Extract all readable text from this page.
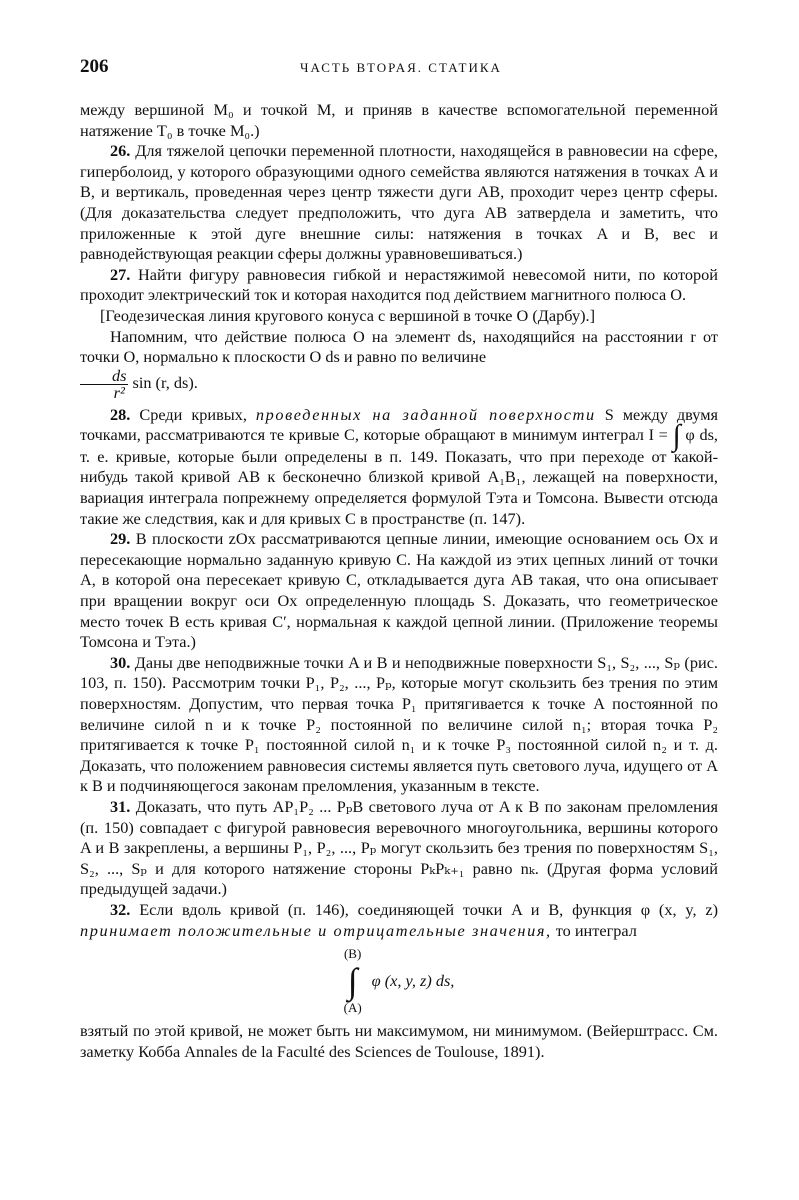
206	ЧАСТЬ ВТОРАЯ. СТАТИКА

между вершиной M₀ и точкой M, и приняв в качестве вспомогательной переменной натяжение T₀ в точке M₀.)

26. Для тяжелой цепочки переменной плотности, находящейся в равновесии на сфере, гиперболоид, у которого образующими одного семейства являются натяжения в точках A и B, и вертикаль, проведенная через центр тяжести дуги AB, проходит через центр сферы. (Для доказательства следует предположить, что дуга AB затвердела и заметить, что приложенные к этой дуге внешние силы: натяжения в точках A и B, вес и равнодействующая реакции сферы должны уравновешиваться.)

27. Найти фигуру равновесия гибкой и нерастяжимой невесомой нити, по которой проходит электрический ток и которая находится под действием магнитного полюса O.

[Геодезическая линия кругового конуса с вершиной в точке O (Дарбу).]

Напомним, что действие полюса O на элемент ds, находящийся на расстоянии r от точки O, нормально к плоскости O ds и равно по величине

$\frac{ds}{\text{r²}}$ sin (r, ds).

28. Среди кривых, проведенных на заданной поверхности S между двумя точками, рассматриваются те кривые C, которые обращают в минимум интеграл I = ∫ φ ds, т. е. кривые, которые были определены в п. 149. Показать, что при переходе от какой-нибудь такой кривой AB к бесконечно близкой кривой A₁B₁, лежащей на поверхности, вариация интеграла попрежнему определяется формулой Тэта и Томсона. Вывести отсюда такие же следствия, как и для кривых C в пространстве (п. 147).

29. В плоскости zOx рассматриваются цепные линии, имеющие основанием ось Ox и пересекающие нормально заданную кривую C. На каждой из этих цепных линий от точки A, в которой она пересекает кривую C, откладывается дуга AB такая, что она описывает при вращении вокруг оси Ox определенную площадь S. Доказать, что геометрическое место точек B есть кривая C′, нормальная к каждой цепной линии. (Приложение теоремы Томсона и Тэта.)

30. Даны две неподвижные точки A и B и неподвижные поверхности S₁, S₂, ..., Sₚ (рис. 103, п. 150). Рассмотрим точки P₁, P₂, ..., Pₚ, которые могут скользить без трения по этим поверхностям. Допустим, что первая точка P₁ притягивается к точке A постоянной по величине силой n и к точке P₂ постоянной по величине силой n₁; вторая точка P₂ притягивается к точке P₁ постоянной силой n₁ и к точке P₃ постоянной силой n₂ и т. д. Доказать, что положением равновесия системы является путь светового луча, идущего от A к B и подчиняющегося законам преломления, указанным в тексте.

31. Доказать, что путь AP₁P₂ ... PₚB светового луча от A к B по законам преломления (п. 150) совпадает с фигурой равновесия веревочного многоугольника, вершины которого A и B закреплены, а вершины P₁, P₂, ..., Pₚ могут скользить без трения по поверхностям S₁, S₂, ..., Sₚ и для которого натяжение стороны PₖPₖ₊₁ равно nₖ. (Другая форма условий предыдущей задачи.)

32. Если вдоль кривой (п. 146), соединяющей точки A и B, функция φ (x, y, z) принимает положительные и отрицательные значения, то интеграл

(B)
∫
(A)
φ (x, y, z) ds,

взятый по этой кривой, не может быть ни максимумом, ни минимумом. (Вейерштрасс. См. заметку Кобба Annales de la Faculté des Sciences de Toulouse, 1891).
